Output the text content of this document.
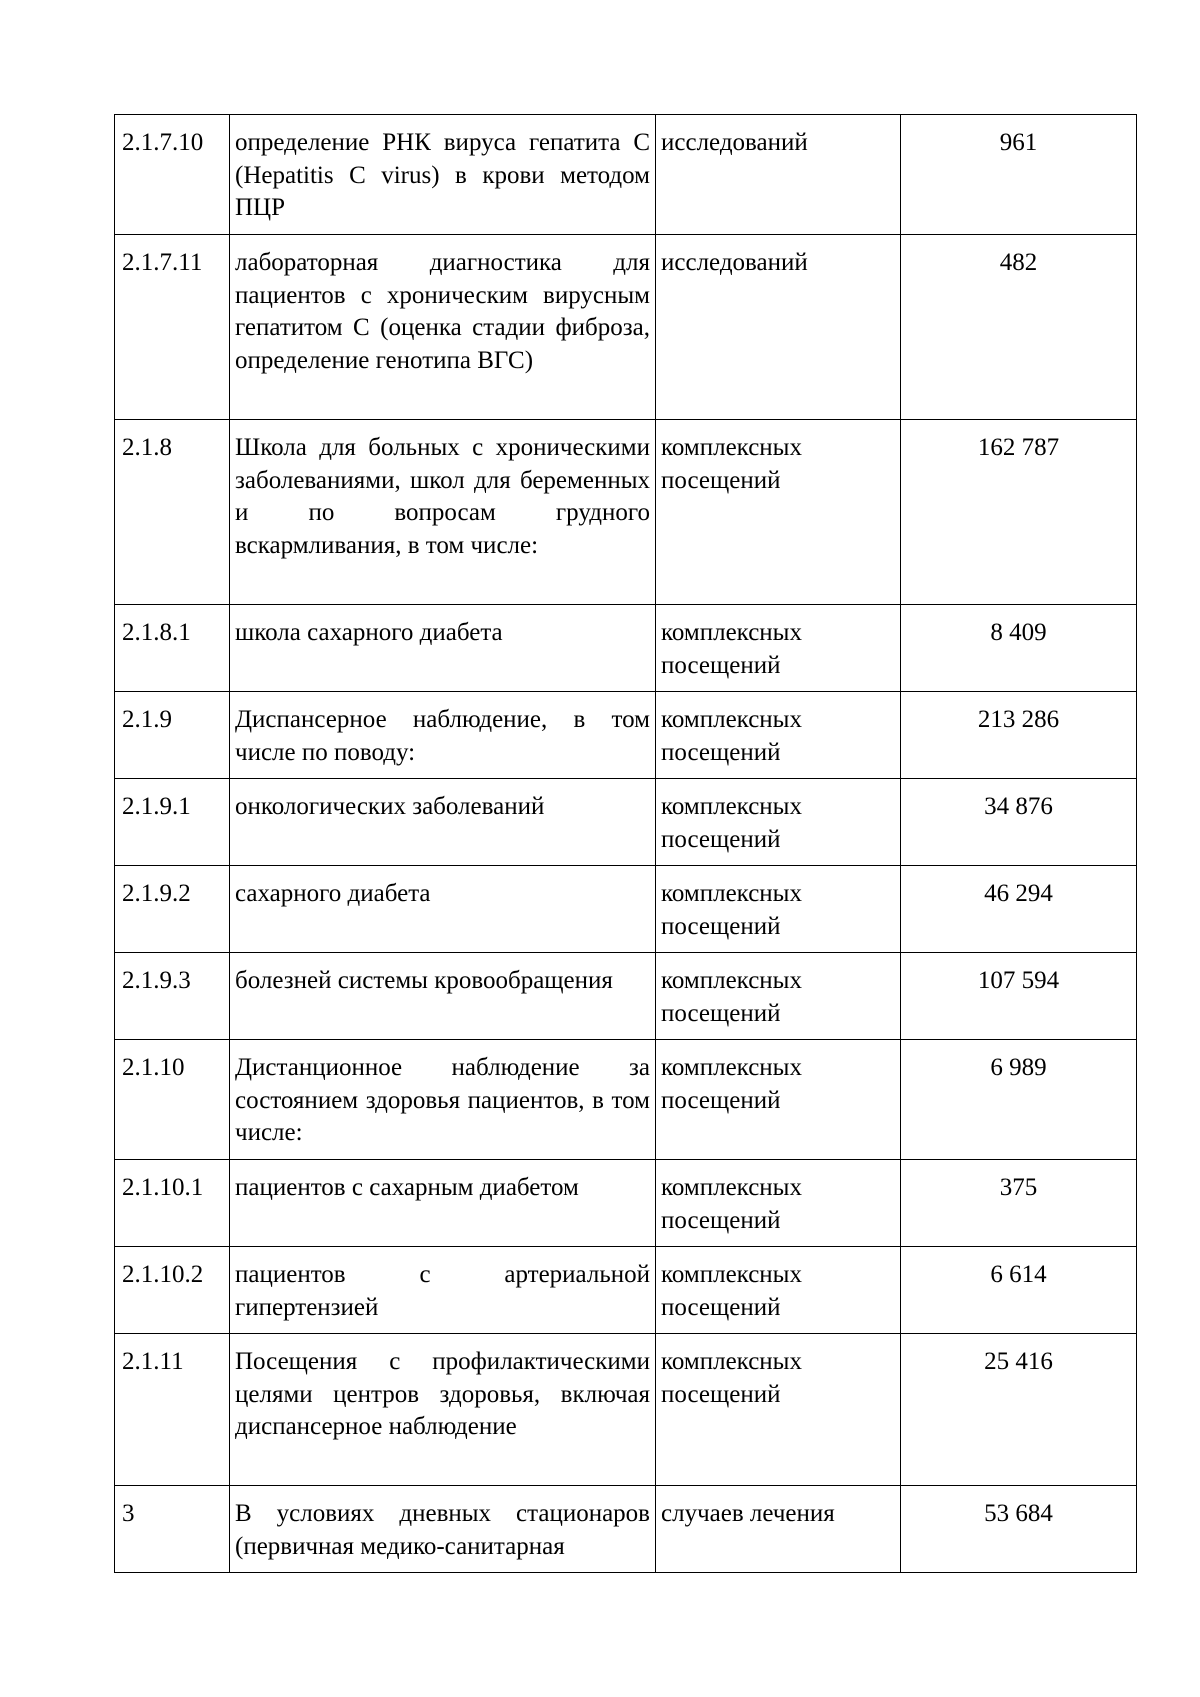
2.1.7.10	определение РНК вируса гепатита С (Hepatitis C virus) в крови методом ПЦР	исследований	961
2.1.7.11	лабораторная диагностика для пациентов с хроническим вирусным гепатитом С (оценка стадии фиброза, определение генотипа ВГС)	исследований	482
2.1.8	Школа для больных с хроническими заболеваниями, школ для беременных и по вопросам грудного вскармливания, в том числе:	комплексных посещений	162 787
2.1.8.1	школа сахарного диабета	комплексных посещений	8 409
2.1.9	Диспансерное наблюдение, в том числе по поводу:	комплексных посещений	213 286
2.1.9.1	онкологических заболеваний	комплексных посещений	34 876
2.1.9.2	сахарного диабета	комплексных посещений	46 294
2.1.9.3	болезней системы кровообращения	комплексных посещений	107 594
2.1.10	Дистанционное наблюдение за состоянием здоровья пациентов, в том числе:	комплексных посещений	6 989
2.1.10.1	пациентов с сахарным диабетом	комплексных посещений	375
2.1.10.2	пациентов с артериальной гипертензией	комплексных посещений	6 614
2.1.11	Посещения с профилактическими целями центров здоровья, включая диспансерное наблюдение	комплексных посещений	25 416
3	В условиях дневных стационаров (первичная медико-санитарная	случаев лечения	53 684
